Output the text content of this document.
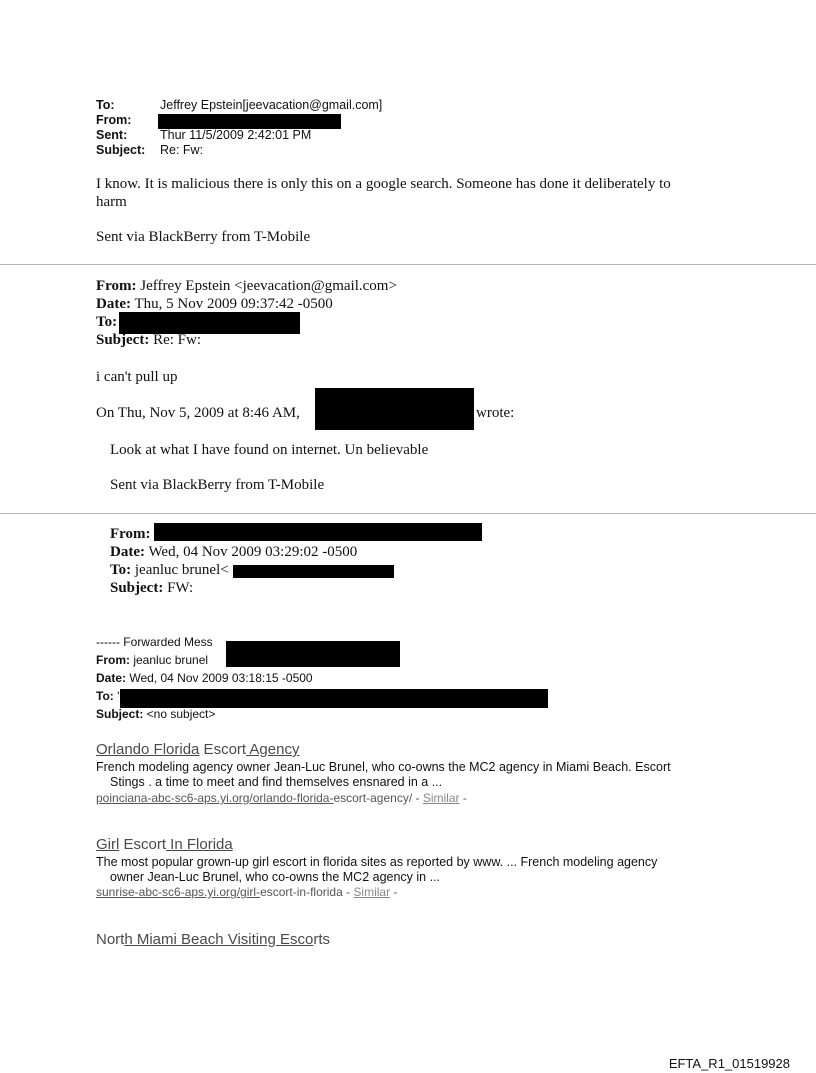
To:	Jeffrey Epstein[jeevacation@gmail.com]
From:
Sent:	Thur 11/5/2009 2:42:01 PM
Subject: Re: Fw:
I know. It is malicious there is only this on a google search. Someone has done it deliberately to
harm
Sent via BlackBerry from T-Mobile
From: Jeffrey Epstein <jeevacation@gmail.com>
Date: Thu, 5 Nov 2009 09:37:42 -0500
To:
Subject: Re: Fw:
i can't pull up
On Thu, Nov 5, 2009 at 8:46 AM,	wrote:
Look at what I have found on internet. Un believable
Sent via BlackBerry from T-Mobile
From:
Date: Wed, 04 Nov 2009 03:29:02 -0500
To: jeanluc brunel<
Subject: FW:
------ Forwarded Mess
From: jeanluc brunel
Date: Wed, 04 Nov 2009 03:18:15 -0500
To: '
Subject: <no subject>
Orlando Florida Escort Agency
French modeling agency owner Jean-Luc Brunel, who co-owns the MC2 agency in Miami Beach. Escort
Stings . a time to meet and find themselves ensnared in a ...
poinciana-abc-sc6-aps.yi.org/orlando-florida-escort-agency/ - Similar -
Girl Escort In Florida
The most popular grown-up girl escort in florida sites as reported by www. ... French modeling agency
owner Jean-Luc Brunel, who co-owns the MC2 agency in ...
sunrise-abc-sc6-aps.yi.org/girl-escort-in-florida - Similar -
North Miami Beach Visiting Escorts
EFTA_R1_01519928
